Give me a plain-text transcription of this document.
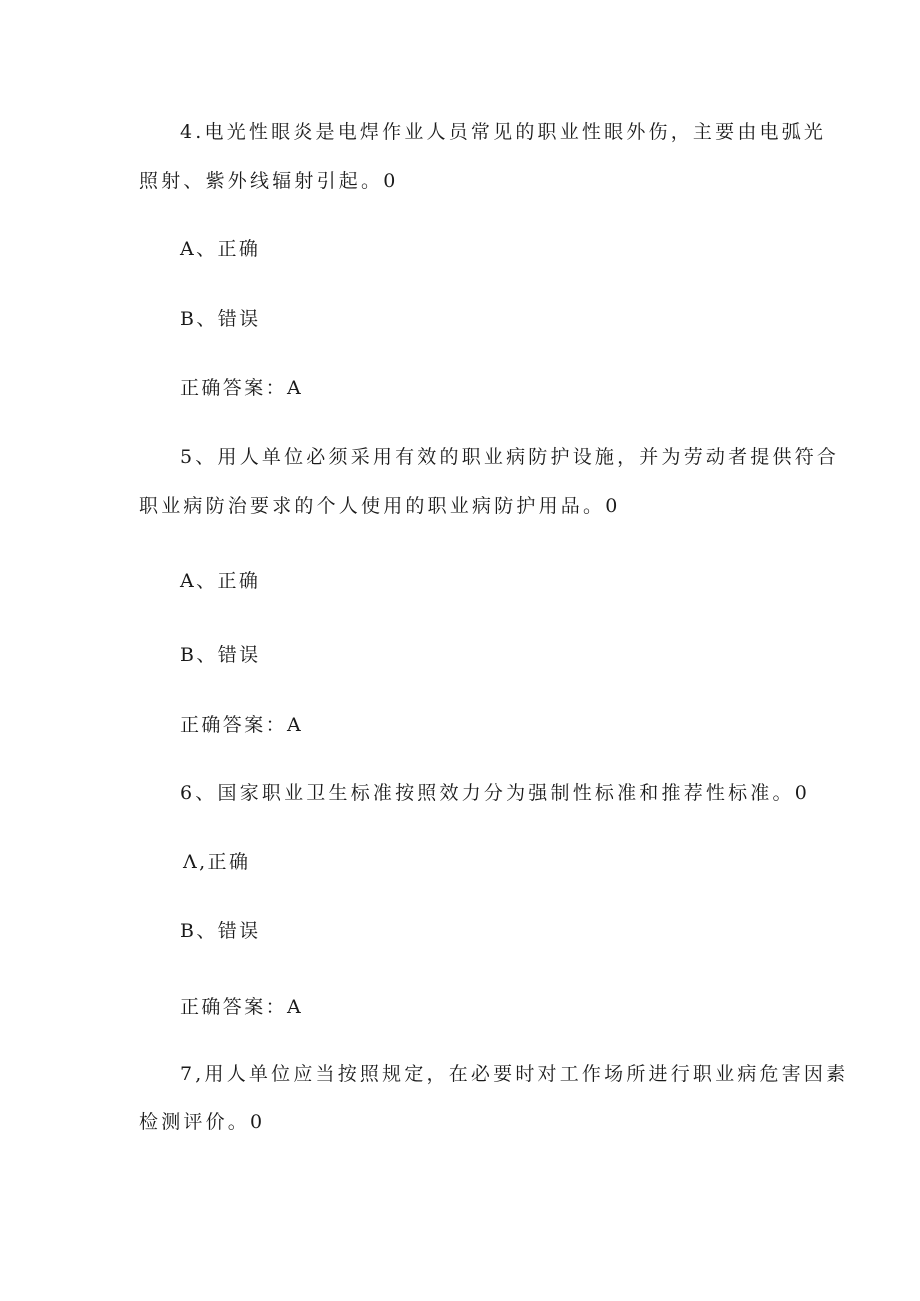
4.电光性眼炎是电焊作业人员常见的职业性眼外伤，主要由电弧光
照射、紫外线辐射引起。0
A、正确
B、错误
正确答案：A
5、用人单位必须采用有效的职业病防护设施，并为劳动者提供符合
职业病防治要求的个人使用的职业病防护用品。0
A、正确
B、错误
正确答案：A
6、国家职业卫生标准按照效力分为强制性标准和推荐性标准。0
Λ,正确
B、错误
正确答案：A
7,用人单位应当按照规定，在必要时对工作场所进行职业病危害因素
检测评价。0
